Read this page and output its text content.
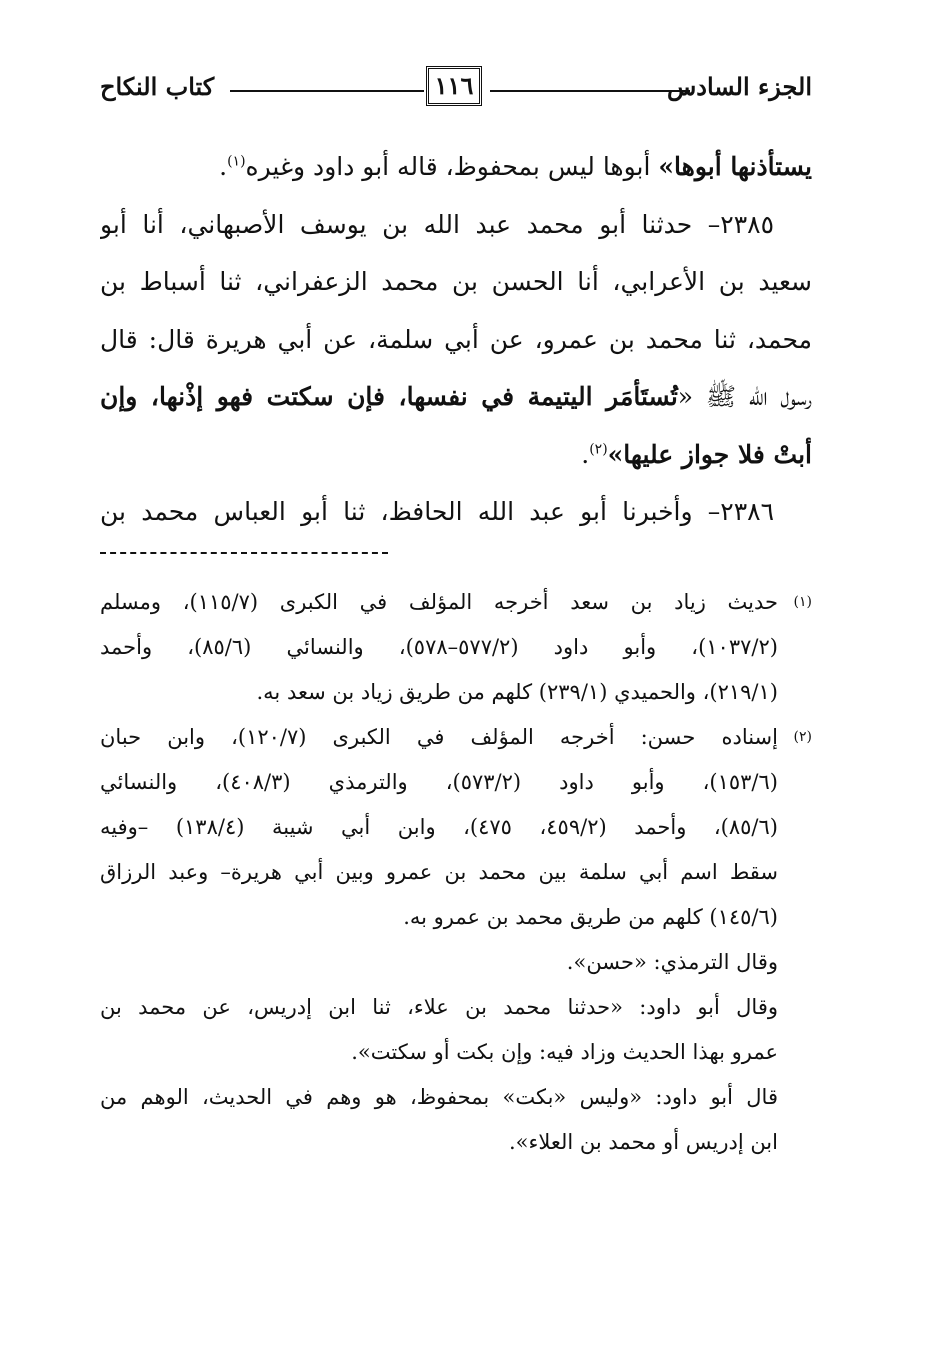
الجزء السادس
١١٦
كتاب النكاح
يستأذنها أبوها» أبوها ليس بمحفوظ، قاله أبو داود وغيره$^{(١)}$.
٢٣٨٥– حدثنا أبو محمد عبد الله بن يوسف الأصبهاني، أنا أبو
سعيد بن الأعرابي، أنا الحسن بن محمد الزعفراني، ثنا أسباط بن
محمد، ثنا محمد بن عمرو، عن أبي سلمة، عن أبي هريرة قال: قال
رسول الله ﷺ «تُستَأمَر اليتيمة في نفسها، فإن سكتت فهو إذْنها، وإن
أبتْ فلا جواز عليها»$^{(٢)}$.
٢٣٨٦– وأخبرنا أبو عبد الله الحافظ، ثنا أبو العباس محمد بن
(١)حديث زياد بن سعد أخرجه المؤلف في الكبرى (١١٥/٧)، ومسلم
(١٠٣٧/٢)، وأبو داود (٥٧٧/٢–٥٧٨)، والنسائي (٨٥/٦)، وأحمد
(٢١٩/١)، والحميدي (٢٣٩/١) كلهم من طريق زياد بن سعد به.
(٢)إسناده حسن: أخرجه المؤلف في الكبرى (١٢٠/٧)، وابن حبان
(١٥٣/٦)، وأبو داود (٥٧٣/٢)، والترمذي (٤٠٨/٣)، والنسائي
(٨٥/٦)، وأحمد (٤٥٩/٢، ٤٧٥)، وابن أبي شيبة (١٣٨/٤) –وفيه
سقط اسم أبي سلمة بين محمد بن عمرو وبين أبي هريرة– وعبد الرزاق
(١٤٥/٦) كلهم من طريق محمد بن عمرو به.
وقال الترمذي: «حسن».
وقال أبو داود: «حدثنا محمد بن علاء، ثنا ابن إدريس، عن محمد بن
عمرو بهذا الحديث وزاد فيه: وإن بكت أو سكتت».
قال أبو داود: «وليس «بكت» بمحفوظ، هو وهم في الحديث، الوهم من
ابن إدريس أو محمد بن العلاء».
